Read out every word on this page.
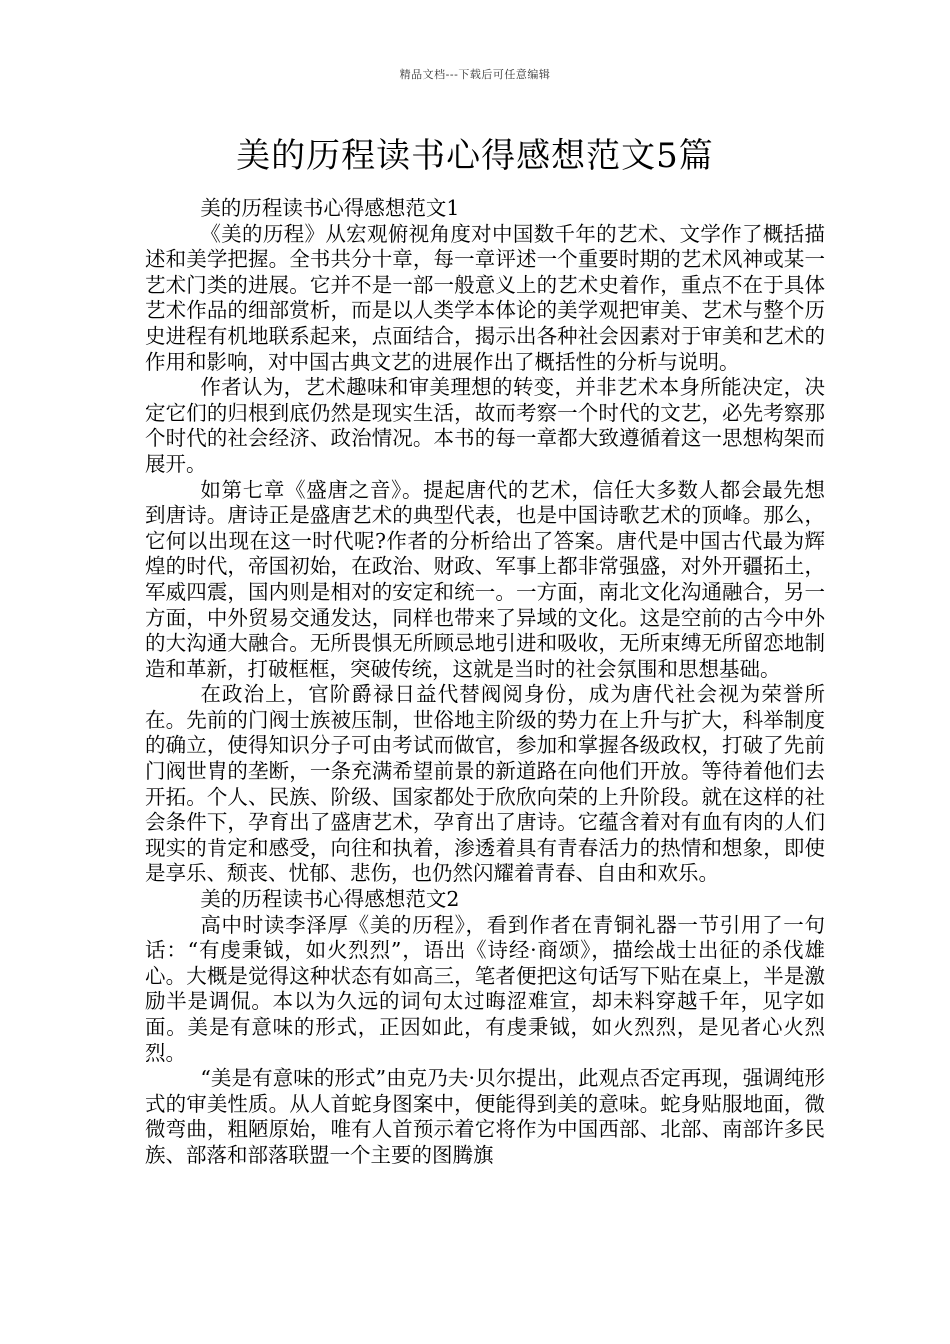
精品文档---下载后可任意编辑
美的历程读书心得感想范文5篇

美的历程读书心得感想范文1

《美的历程》从宏观俯视角度对中国数千年的艺术、文学作了概括描述和美学把握。全书共分十章，每一章评述一个重要时期的艺术风神或某一艺术门类的进展。它并不是一部一般意义上的艺术史着作，重点不在于具体艺术作品的细部赏析，而是以人类学本体论的美学观把审美、艺术与整个历史进程有机地联系起来，点面结合，揭示出各种社会因素对于审美和艺术的作用和影响，对中国古典文艺的进展作出了概括性的分析与说明。

作者认为，艺术趣味和审美理想的转变，并非艺术本身所能决定，决定它们的归根到底仍然是现实生活，故而考察一个时代的文艺，必先考察那个时代的社会经济、政治情况。本书的每一章都大致遵循着这一思想构架而展开。

如第七章《盛唐之音》。提起唐代的艺术，信任大多数人都会最先想到唐诗。唐诗正是盛唐艺术的典型代表，也是中国诗歌艺术的顶峰。那么，它何以出现在这一时代呢?作者的分析给出了答案。唐代是中国古代最为辉煌的时代，帝国初始，在政治、财政、军事上都非常强盛，对外开疆拓土，军威四震，国内则是相对的安定和统一。一方面，南北文化沟通融合，另一方面，中外贸易交通发达，同样也带来了异域的文化。这是空前的古今中外的大沟通大融合。无所畏惧无所顾忌地引进和吸收，无所束缚无所留恋地制造和革新，打破框框，突破传统，这就是当时的社会氛围和思想基础。

在政治上，官阶爵禄日益代替阀阅身份，成为唐代社会视为荣誉所在。先前的门阀士族被压制，世俗地主阶级的势力在上升与扩大，科举制度的确立，使得知识分子可由考试而做官，参加和掌握各级政权，打破了先前门阀世胄的垄断，一条充满希望前景的新道路在向他们开放。等待着他们去开拓。个人、民族、阶级、国家都处于欣欣向荣的上升阶段。就在这样的社会条件下，孕育出了盛唐艺术，孕育出了唐诗。它蕴含着对有血有肉的人们现实的肯定和感受，向往和执着，渗透着具有青春活力的热情和想象，即使是享乐、颓丧、忧郁、悲伤，也仍然闪耀着青春、自由和欢乐。

美的历程读书心得感想范文2

高中时读李泽厚《美的历程》，看到作者在青铜礼器一节引用了一句话：“有虔秉钺，如火烈烈”，语出《诗经·商颂》，描绘战士出征的杀伐雄心。大概是觉得这种状态有如高三，笔者便把这句话写下贴在桌上，半是激励半是调侃。本以为久远的词句太过晦涩难宣，却未料穿越千年，见字如面。美是有意味的形式，正因如此，有虔秉钺，如火烈烈，是见者心火烈烈。

“美是有意味的形式”由克乃夫·贝尔提出，此观点否定再现，强调纯形式的审美性质。从人首蛇身图案中，便能得到美的意味。蛇身贴服地面，微微弯曲，粗陋原始，唯有人首预示着它将作为中国西部、北部、南部许多民族、部落和部落联盟一个主要的图腾旗
